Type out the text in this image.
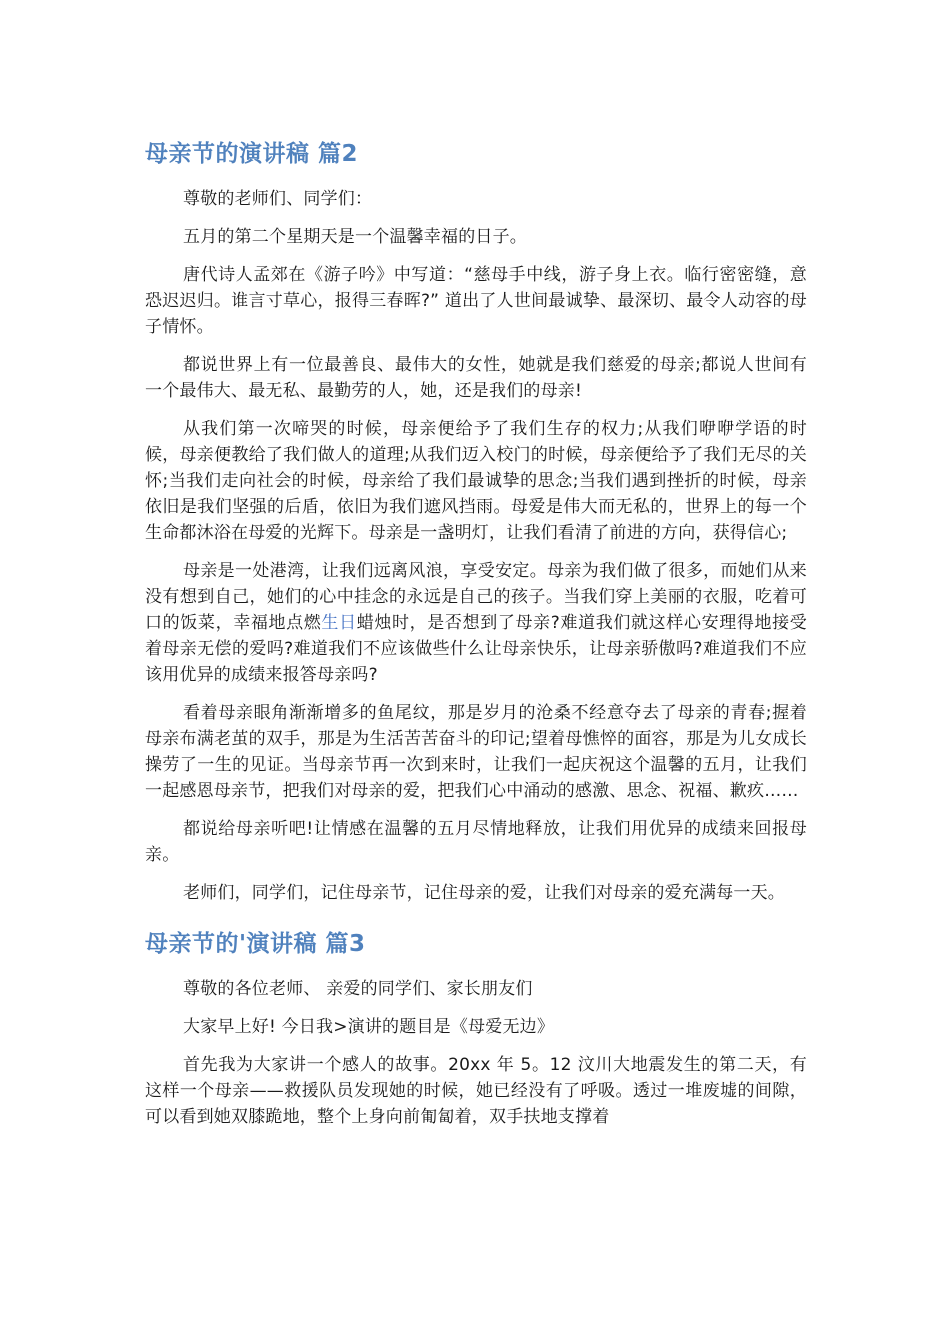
母亲节的演讲稿 篇2

尊敬的老师们、同学们：

五月的第二个星期天是一个温馨幸福的日子。

唐代诗人孟郊在《游子吟》中写道：“慈母手中线，游子身上衣。临行密密缝，意恐迟迟归。谁言寸草心，报得三春晖?” 道出了人世间最诚挚、最深切、最令人动容的母子情怀。

都说世界上有一位最善良、最伟大的女性，她就是我们慈爱的母亲;都说人世间有一个最伟大、最无私、最勤劳的人，她，还是我们的母亲!

从我们第一次啼哭的时候，母亲便给予了我们生存的权力;从我们咿咿学语的时候，母亲便教给了我们做人的道理;从我们迈入校门的时候，母亲便给予了我们无尽的关怀;当我们走向社会的时候，母亲给了我们最诚挚的思念;当我们遇到挫折的时候，母亲依旧是我们坚强的后盾，依旧为我们遮风挡雨。母爱是伟大而无私的，世界上的每一个生命都沐浴在母爱的光辉下。母亲是一盏明灯，让我们看清了前进的方向，获得信心;

母亲是一处港湾，让我们远离风浪，享受安定。母亲为我们做了很多，而她们从来没有想到自己，她们的心中挂念的永远是自己的孩子。当我们穿上美丽的衣服，吃着可口的饭菜，幸福地点燃生日蜡烛时，是否想到了母亲?难道我们就这样心安理得地接受着母亲无偿的爱吗?难道我们不应该做些什么让母亲快乐，让母亲骄傲吗?难道我们不应该用优异的成绩来报答母亲吗?

看着母亲眼角渐渐增多的鱼尾纹，那是岁月的沧桑不经意夺去了母亲的青春;握着母亲布满老茧的双手，那是为生活苦苦奋斗的印记;望着母憔悴的面容，那是为儿女成长操劳了一生的见证。当母亲节再一次到来时，让我们一起庆祝这个温馨的五月，让我们一起感恩母亲节，把我们对母亲的爱，把我们心中涌动的感激、思念、祝福、歉疚……

都说给母亲听吧!让情感在温馨的五月尽情地释放，让我们用优异的成绩来回报母亲。

老师们，同学们，记住母亲节，记住母亲的爱，让我们对母亲的爱充满每一天。

母亲节的'演讲稿 篇3

尊敬的各位老师、 亲爱的同学们、家长朋友们

大家早上好! 今日我>演讲的题目是《母爱无边》

首先我为大家讲一个感人的故事。20xx 年 5。12 汶川大地震发生的第二天，有这样一个母亲——救援队员发现她的时候，她已经没有了呼吸。透过一堆废墟的间隙，可以看到她双膝跪地，整个上身向前匍匐着，双手扶地支撑着
